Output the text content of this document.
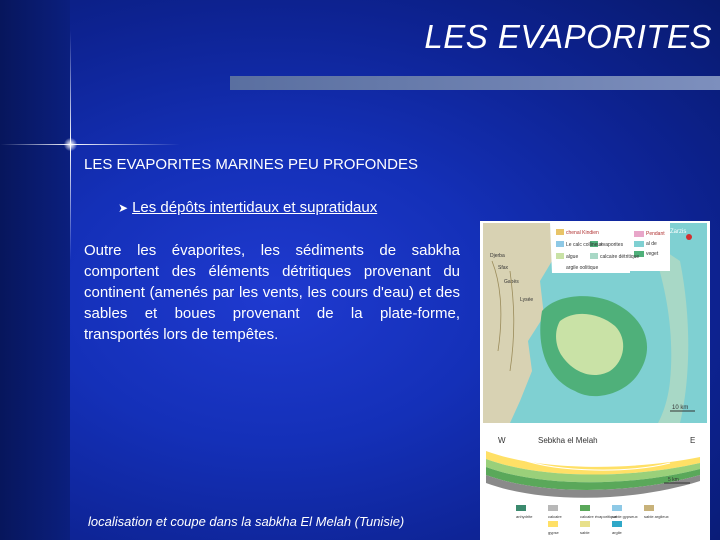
LES EVAPORITES
LES EVAPORITES MARINES PEU PROFONDES
➤ Les dépôts intertidaux et supratidaux
Outre les évaporites, les sédiments de sabkha comportent des éléments détritiques provenant du continent (amenés par les vents, les cours d'eau) et des sables et boues provenant de la plate-forme, transportés lors de tempêtes.
chenal Kindien
Le calc collineux
algue
évaporites
calcaire détritique
argile oolitique
Pendant
al de
veget
Zarzis
Djerba
Sfax
Gabès
Lysée
10 km
W	E
Sebkha el Melah
5 km
anhydrite	calcaire	calcaire évaporitique
sable gypseux sable argileux
gypse	sable	argile
localisation et coupe dans la sabkha El Melah (Tunisie)
